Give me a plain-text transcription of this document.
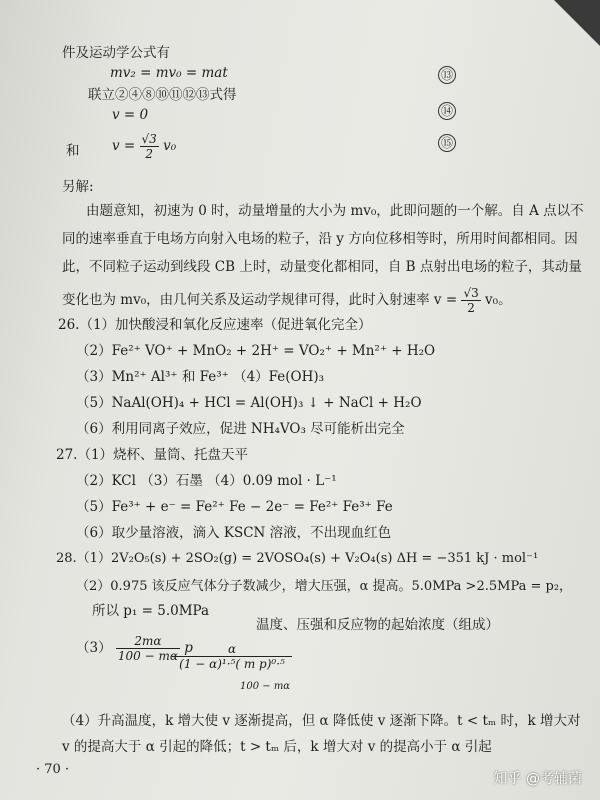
件及运动学公式有
mv₂ = mv₀ = mat	⑬
联立②④⑧⑩⑪⑫⑬式得
v = 0	⑭
和 $v = \frac{√3}{2} v_0$	⑮
另解:
由题意知，初速为 0 时，动量增量的大小为 mv₀，此即问题的一个解。自 A 点以不
同的速率垂直于电场方向射入电场的粒子，沿 y 方向位移相等时，所用时间都相同。因
此，不同粒子运动到线段 CB 上时，动量变化都相同，自 B 点射出电场的粒子，其动量
变化也为 mv₀，由几何关系及运动学规律可得，此时入射速率 $v = \frac{√3}{2} v_0$。
26.（1）加快酸浸和氧化反应速率（促进氧化完全）
（2）Fe²⁺ VO⁺ + MnO₂ + 2H⁺ = VO₂⁺ + Mn²⁺ + H₂O
（3）Mn²⁺ Al³⁺ 和 Fe³⁺ （4）Fe(OH)₃
（5）NaAl(OH)₄ + HCl = Al(OH)₃ ↓ + NaCl + H₂O
（6）利用同离子效应，促进 NH₄VO₃ 尽可能析出完全
27.（1）烧杯、量筒、托盘天平
（2）KCl （3）石墨 （4）0.09 mol · L⁻¹
（5）Fe³⁺ + e⁻ = Fe²⁺ Fe − 2e⁻ = Fe²⁺ Fe³⁺ Fe
（6）取少量溶液，滴入 KSCN 溶液，不出现血红色
28.（1）2V₂O₅(s) + 2SO₂(g) = 2VOSO₄(s) + V₂O₄(s) ΔH = −351 kJ · mol⁻¹
（2）0.975 该反应气体分子数减少，增大压强，α 提高。5.0MPa >2.5MPa = p₂，
所以 p₁ = 5.0MPa
温度、压强和反应物的起始浓度（组成）
$(3) \frac{2m\alpha}{100 - m\alpha}$ p
$\frac{\alpha}{\text{(1 − α)¹·⁵( m p)⁰·⁵}}$
100 − mα
（4）升高温度，k 增大使 v 逐渐提高，但 α 降低使 v 逐渐下降。t < tₘ 时，k 增大对
v 的提高大于 α 引起的降低；t > tₘ 后，k 增大对 v 的提高小于 α 引起
· 70 ·
知乎 @考辅菌
